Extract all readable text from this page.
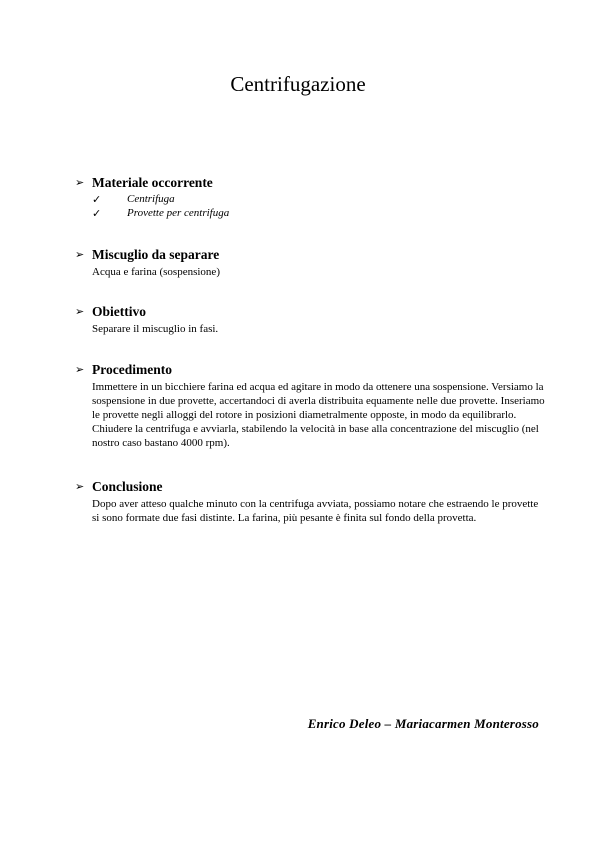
Centrifugazione
➢ Materiale occorrente
✓ Centrifuga
✓ Provette per centrifuga
➢ Miscuglio da separare
Acqua e farina (sospensione)
➢ Obiettivo
Separare il miscuglio in fasi.
➢ Procedimento
Immettere in un bicchiere farina ed acqua ed agitare in modo da ottenere una sospensione. Versiamo la sospensione in due provette, accertandoci di averla distribuita equamente nelle due provette. Inseriamo le provette negli alloggi del rotore in posizioni diametralmente opposte, in modo da equilibrarlo. Chiudere la centrifuga e avviarla, stabilendo la velocità in base alla concentrazione del miscuglio (nel nostro caso bastano 4000 rpm).
➢ Conclusione
Dopo aver atteso qualche minuto con la centrifuga avviata, possiamo notare che estraendo le provette si sono formate due fasi distinte. La farina, più pesante è finita sul fondo della provetta.
Enrico Deleo – Mariacarmen Monterosso
